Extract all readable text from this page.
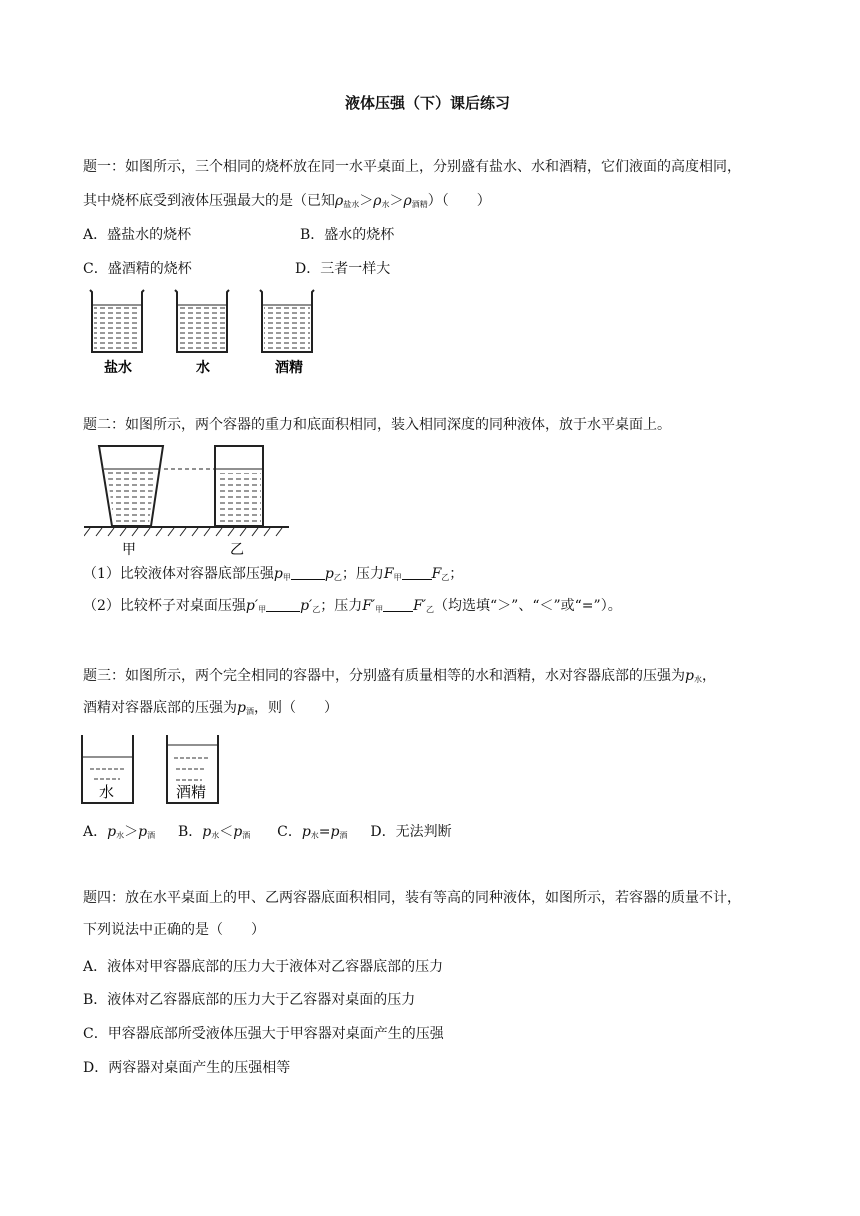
液体压强（下）课后练习
题一：如图所示，三个相同的烧杯放在同一水平桌面上，分别盛有盐水、水和酒精，它们液面的高度相同，
其中烧杯底受到液体压强最大的是（已知$\rho_{盐水}>\rho_水>\rho_{酒精}$）（　　）
A．盛盐水的烧杯	B．盛水的烧杯
C．盛酒精的烧杯	D．三者一样大
盐水	水	酒精
题二：如图所示，两个容器的重力和底面积相同，装入相同深度的同种液体，放于水平桌面上。
甲	乙
（1）比较液体对容器底部压强$p_甲$ $p_乙$；压力$F_甲$ $F_乙$；
（2）比较杯子对桌面压强$p'_甲$ $p'_乙$；压力$F'_甲$ $F'_乙$（均选填“＞”、“＜”或“=”）。
题三：如图所示，两个完全相同的容器中，分别盛有质量相等的水和酒精，水对容器底部的压强为$p_水$，
酒精对容器底部的压强为$p_酒$，则（　　）
水	酒精
A．$p_水>p_酒$ B．$p_水<p_酒$ C．$p_水=p_酒$ D．无法判断
题四：放在水平桌面上的甲、乙两容器底面积相同，装有等高的同种液体，如图所示，若容器的质量不计，
下列说法中正确的是（　　）
A．液体对甲容器底部的压力大于液体对乙容器底部的压力
B．液体对乙容器底部的压力大于乙容器对桌面的压力
C．甲容器底部所受液体压强大于甲容器对桌面产生的压强
D．两容器对桌面产生的压强相等
